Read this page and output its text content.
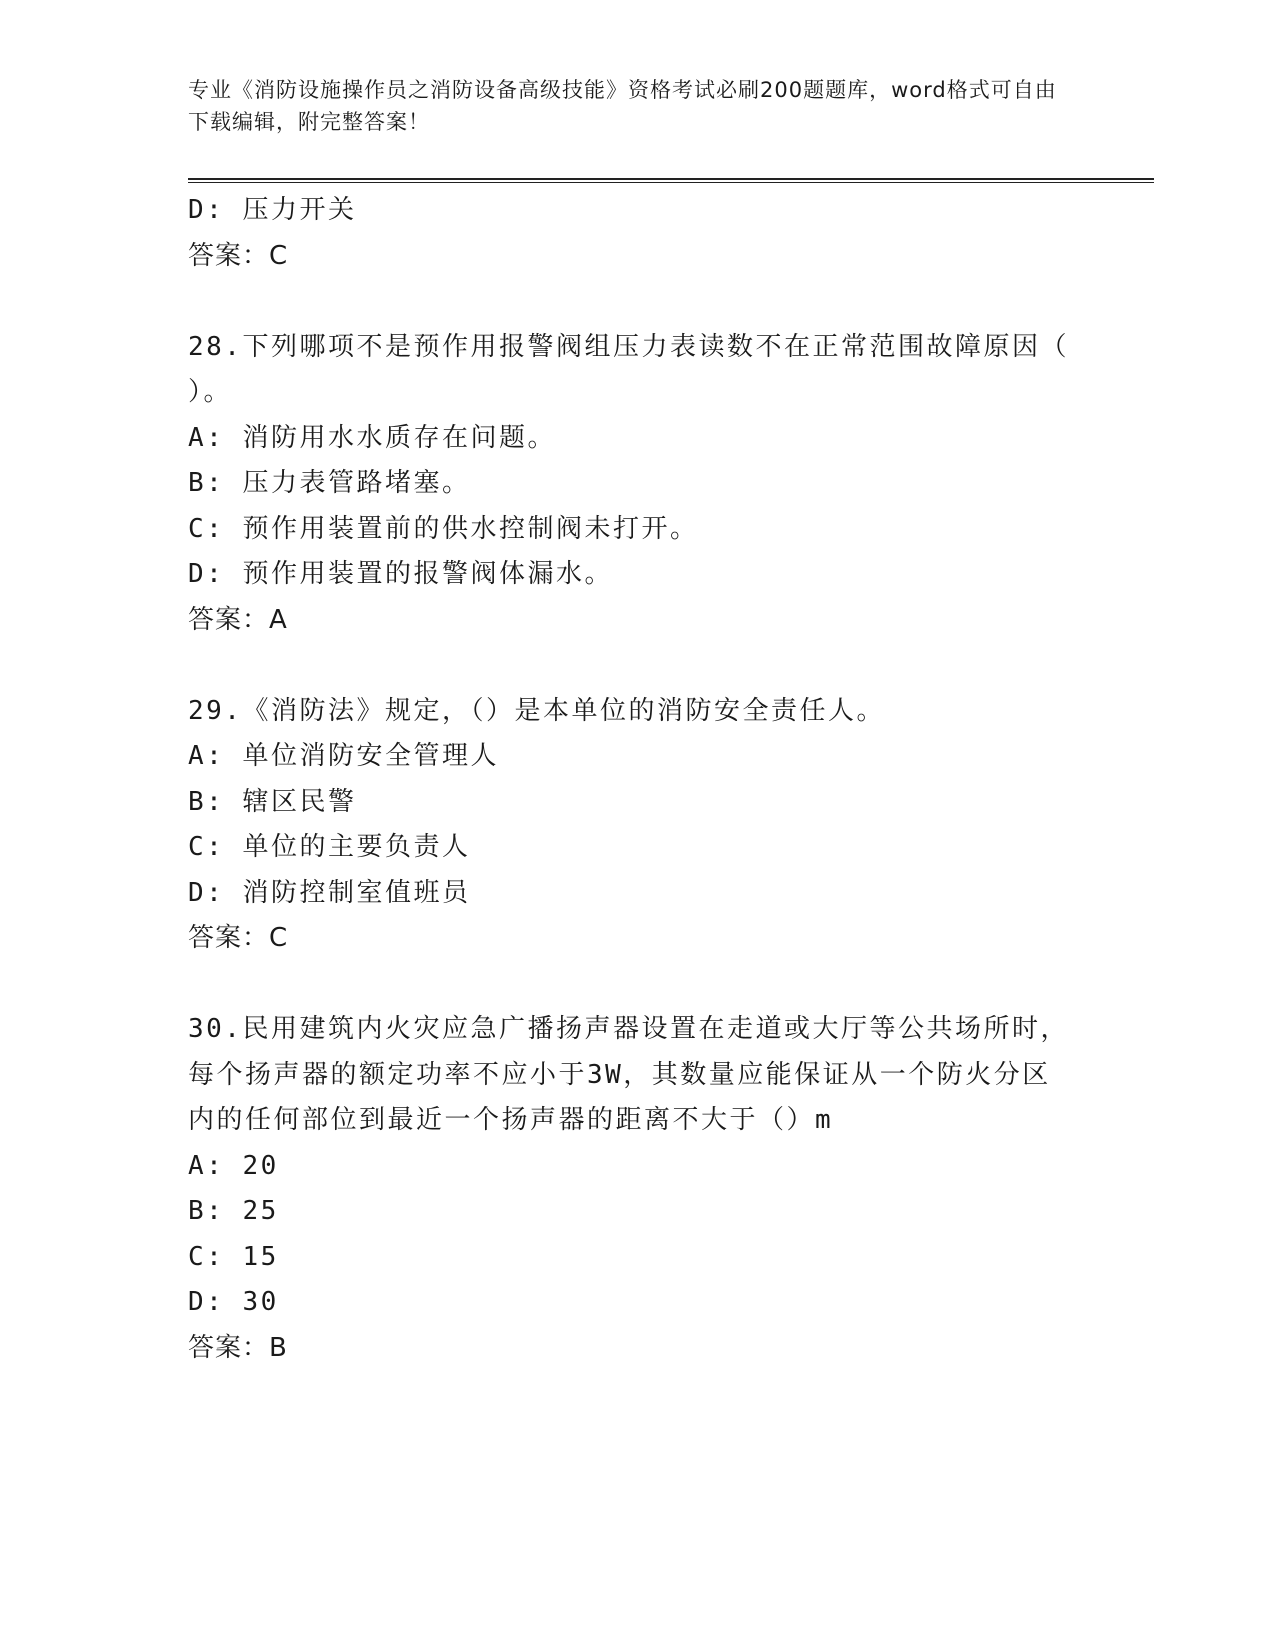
专业《消防设施操作员之消防设备高级技能》资格考试必刷200题题库，word格式可自由下载编辑，附完整答案！
D: 压力开关
答案：C
28.下列哪项不是预作用报警阀组压力表读数不在正常范围故障原因（
）。
A: 消防用水水质存在问题。
B: 压力表管路堵塞。
C: 预作用装置前的供水控制阀未打开。
D: 预作用装置的报警阀体漏水。
答案：A
29.《消防法》规定，（）是本单位的消防安全责任人。
A: 单位消防安全管理人
B: 辖区民警
C: 单位的主要负责人
D: 消防控制室值班员
答案：C
30.民用建筑内火灾应急广播扬声器设置在走道或大厅等公共场所时，
每个扬声器的额定功率不应小于3W，其数量应能保证从一个防火分区
内的任何部位到最近一个扬声器的距离不大于（）m
A: 20
B: 25
C: 15
D: 30
答案：B
